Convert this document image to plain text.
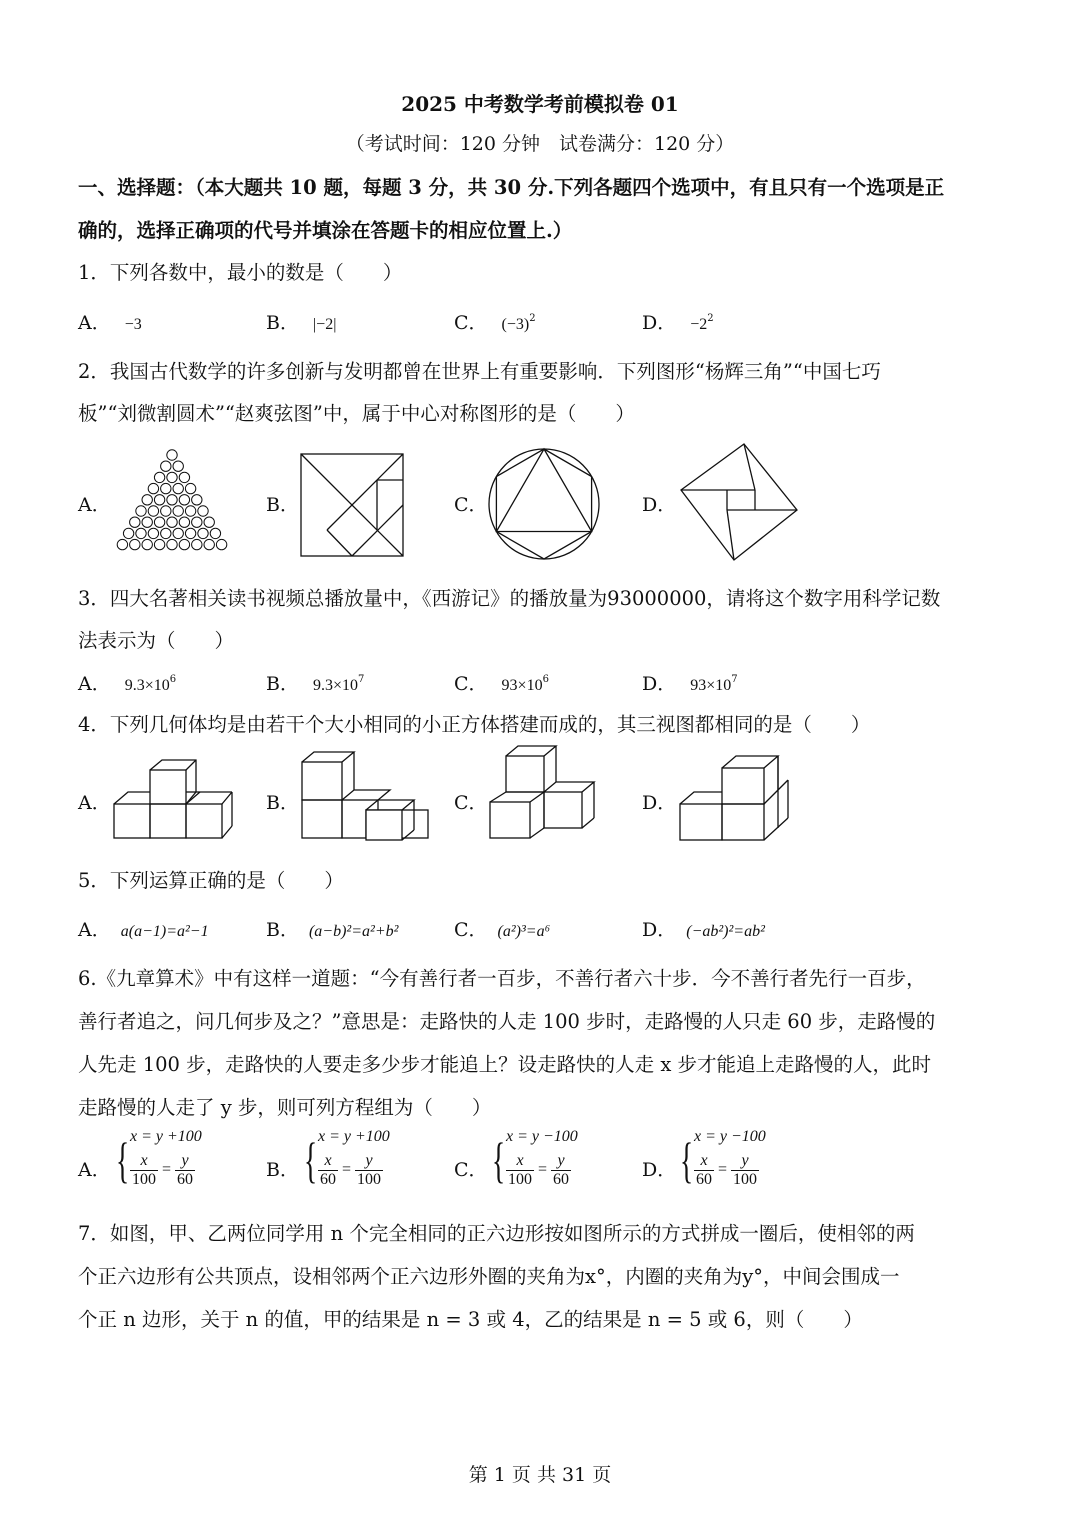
2025 中考数学考前模拟卷 01
（考试时间：120 分钟　试卷满分：120 分）
一、选择题：（本大题共 10 题，每题 3 分，共 30 分.下列各题四个选项中，有且只有一个选项是正
确的，选择正确项的代号并填涂在答题卡的相应位置上.）
1．下列各数中，最小的数是（　　）
A． −3	B． |−2|	C． $(-3)^2$	D． $-2^2$
2．我国古代数学的许多创新与发明都曾在世界上有重要影响．下列图形“杨辉三角”“中国七巧
板”“刘微割圆术”“赵爽弦图”中，属于中心对称图形的是（　　）
A．	B．	C．	D．
3．四大名著相关读书视频总播放量中，《西游记》的播放量为93000000，请将这个数字用科学记数
法表示为（　　）
A． $9.3\times 10^6$	B． $9.3\times 10^7$	C． $93\times 10^6$	D． $93\times 10^7$
4．下列几何体均是由若干个大小相同的小正方体搭建而成的，其三视图都相同的是（　　）
A．	B．	C．	D．
5．下列运算正确的是（　　）
A． a(a−1)=a²−1	B． (a−b)²=a²+b²	C． (a²)³=a⁶	D． (−ab²)²=ab²
6.《九章算术》中有这样一道题：“今有善行者一百步，不善行者六十步．今不善行者先行一百步，
善行者追之，问几何步及之？”意思是：走路快的人走 100 步时，走路慢的人只走 60 步，走路慢的
人先走 100 步，走路快的人要走多少步才能追上？设走路快的人走 x 步才能追上走路慢的人，此时
走路慢的人走了 y 步，则可列方程组为（　　）
A． { x = y +100
$\frac{x}{100} = \frac{y}{60}$	B． { x = y +100
$\frac{x}{60} = \frac{y}{100}$	C． { x = y −100
$\frac{x}{100} = \frac{y}{60}$	D． { x = y −100
$\frac{x}{60} = \frac{y}{100}$
7．如图，甲、乙两位同学用 n 个完全相同的正六边形按如图所示的方式拼成一圈后，使相邻的两
个正六边形有公共顶点，设相邻两个正六边形外圈的夹角为x°，内圈的夹角为y°，中间会围成一
个正 n 边形，关于 n 的值，甲的结果是 n = 3 或 4，乙的结果是 n = 5 或 6，则（　　）
第 1 页 共 31 页
